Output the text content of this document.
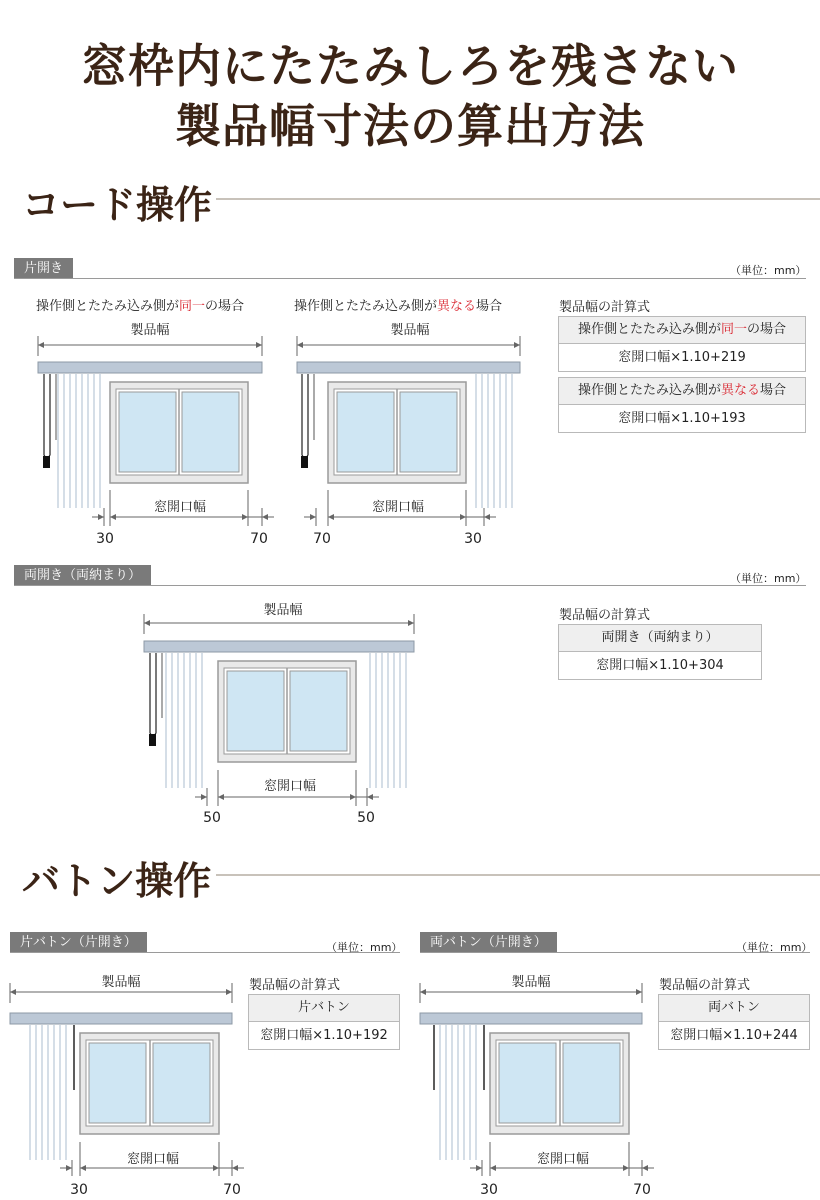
窓枠内にたたみしろを残さない
製品幅寸法の算出方法
コード操作
片開き	（単位：mm）
操作側とたたみ込み側が同一の場合	操作側とたたみ込み側が異なる場合
製品幅
窓開口幅
30	70
製品幅
窓開口幅
70	30
製品幅
窓開口幅
50	50
製品幅
窓開口幅
30	70
製品幅
窓開口幅
30	70
製品幅の計算式
操作側とたたみ込み側が同一の場合
窓開口幅×1.10+219
操作側とたたみ込み側が異なる場合
窓開口幅×1.10+193
両開き（両納まり）	（単位：mm）
製品幅の計算式
両開き（両納まり）
窓開口幅×1.10+304
バトン操作
片バトン（片開き）	（単位：mm）
製品幅の計算式
片バトン
窓開口幅×1.10+192
両バトン（片開き）	（単位：mm）
製品幅の計算式
両バトン
窓開口幅×1.10+244
